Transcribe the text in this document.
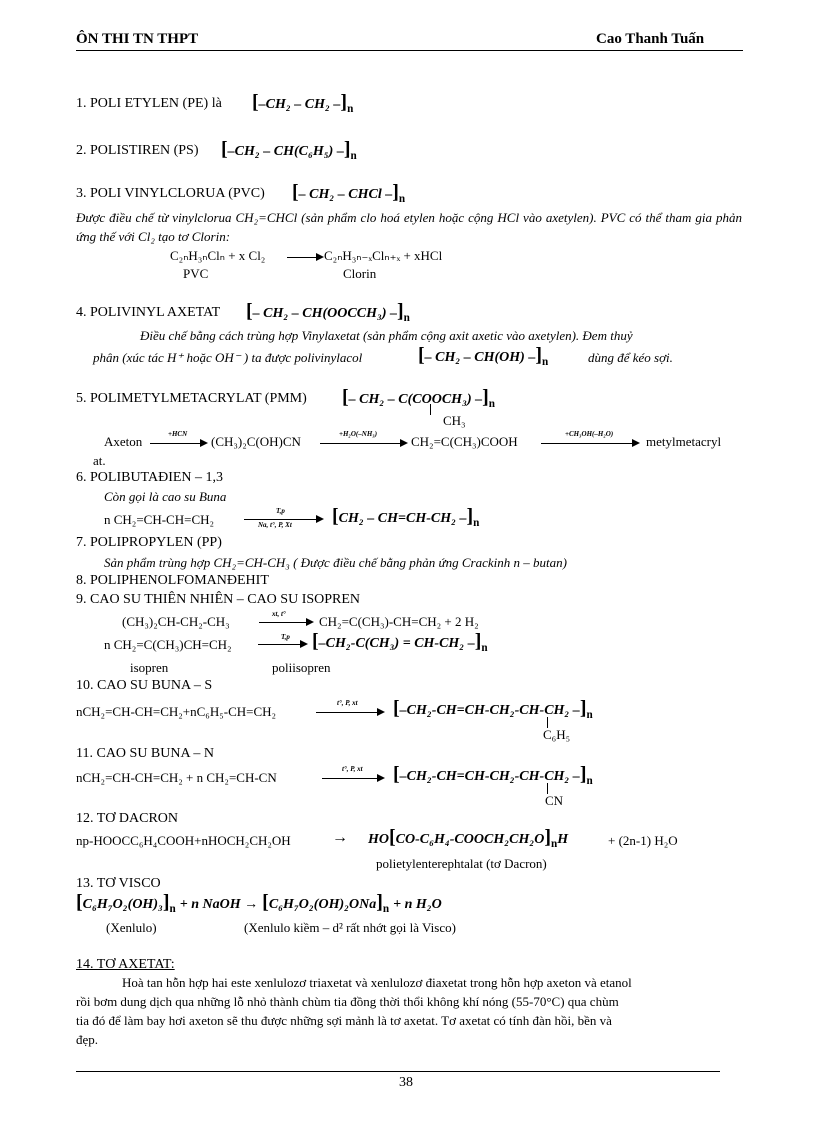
ÔN THI TN THPT	Cao Thanh Tuấn
1. POLI ETYLEN (PE) là [–CH₂ – CH₂ $-]_n$
2. POLISTIREN (PS) [–CH₂ – CH(C₆H₅) $-]_n$
3. POLI VINYLCLORUA (PVC) [– CH₂ – CHCl $-]_n$
Được điều chế từ vinylclorua CH₂=CHCl (sản phẩm clo hoá etylen hoặc cộng HCl vào axetylen). PVC có thể tham gia phản ứng thế với Cl₂ tạo tơ Clorin:
C₂ₙH₃ₙClₙ + x Cl₂	C₂ₙH₃ₙ₋ₓClₙ₊ₓ + xHCl
PVC	Clorin
4. POLIVINYL AXETAT [– CH₂ – CH(OOCCH₃) $-]_n$
Điều chế bằng cách trùng hợp Vinylaxetat (sản phẩm cộng axit axetic vào axetylen). Đem thuỷ
phân (xúc tác H⁺ hoặc OH⁻ ) ta được polivinylacol	[– CH₂ – CH(OH) $-]_n$	dùng để kéo sợi.
5. POLIMETYLMETACRYLAT (PMM) [– CH₂ – C(COOCH₃) $-]_n$
CH₃
Axeton	+HCN (CH₃)₂C(OH)CN	+H₂O(–NH₃)	CH₂=C(CH₃)COOH	+CH₃OH(–H₂O)	metylmetacryl
at.
6. POLIBUTAĐIEN – 1,3
Còn gọi là cao su Buna
n CH₂=CH-CH=CH₂
T,p
Na, t°, P, Xt [CH₂ – CH=CH-CH₂ $-]_n$
7. POLIPROPYLEN (PP)
Sản phẩm trùng hợp CH₂=CH-CH₃ ( Được điều chế bằng phản ứng Crackinh n – butan)
8. POLIPHENOLFOMANĐEHIT
9. CAO SU THIÊN NHIÊN – CAO SU ISOPREN
(CH₃)₂CH-CH₂-CH₃	xt, t°	CH₂=C(CH₃)-CH=CH₂ + 2 H₂
n CH₂=C(CH₃)CH=CH₂	T,p [–CH₂-C(CH₃) = CH-CH₂ $-]_n$
isopren	poliisopren
10. CAO SU BUNA – S
nCH₂=CH-CH=CH₂+nC₆H₅-CH=CH₂
t°, P, xt [–CH₂-CH=CH-CH₂-CH-CH₂ $-]_n$
C₆H₅
11. CAO SU BUNA – N
nCH₂=CH-CH=CH₂ + n CH₂=CH-CN
t°, P, xt [–CH₂-CH=CH-CH₂-CH-CH₂ $-]_n$
CN
12. TƠ DACRON
np-HOOCC₆H₄COOH+nHOCH₂CH₂OH	→ $HO[CO-C_6H_4-COOCH_2CH_2O]_nH$	+ (2n-1) H₂O
polietylenterephtalat (tơ Dacron)
13. TƠ VISCO
$[C_6H_7O_2(OH)_3]_n + n$ NaOH → $[C_6H_7O_2(OH)_2ONa]_n + n$ H₂O
(Xenlulo)	(Xenlulo kiềm – d² rất nhớt gọi là Visco)
14. TƠ AXETAT:
Hoà tan hỗn hợp hai este xenlulozơ triaxetat và xenlulozơ điaxetat trong hỗn hợp axeton và etanol
rồi bơm dung dịch qua những lỗ nhỏ thành chùm tia đồng thời thổi không khí nóng (55-70°C) qua chùm
tia đó để làm bay hơi axeton sẽ thu được những sợi mảnh là tơ axetat. Tơ axetat có tính đàn hồi, bền và
đẹp.
38
